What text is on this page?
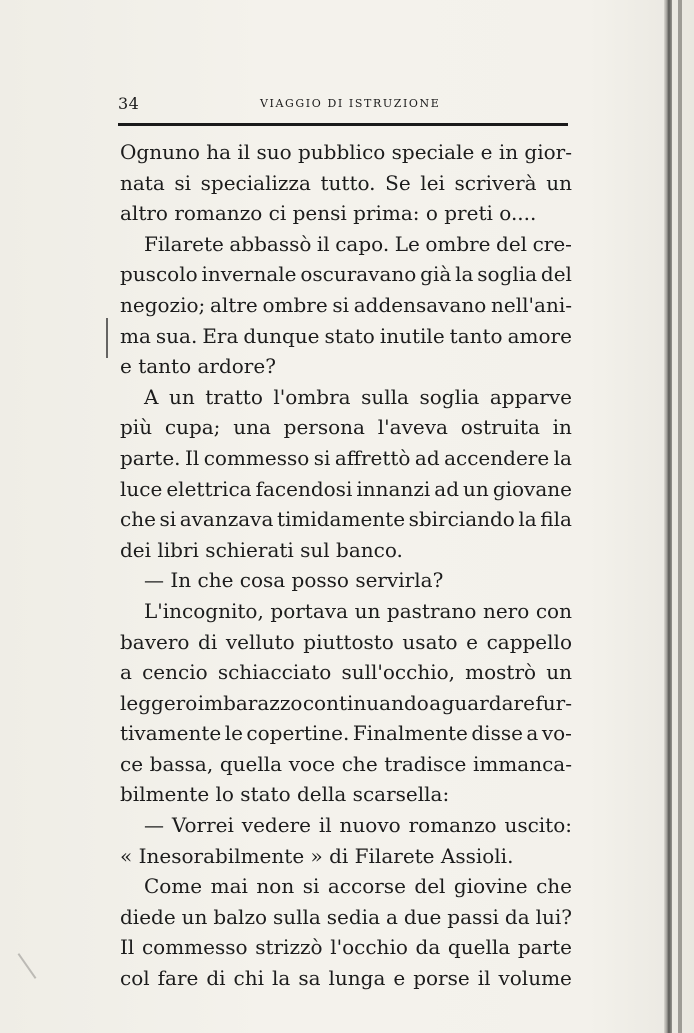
34	VIAGGIO DI ISTRUZIONE
Ognuno ha il suo pubblico speciale e in gior-
nata si specializza tutto. Se lei scriverà un
altro romanzo ci pensi prima: o preti o....
Filarete abbassò il capo. Le ombre del cre-
puscolo invernale oscuravano già la soglia del
negozio; altre ombre si addensavano nell'ani-
ma sua. Era dunque stato inutile tanto amore
e tanto ardore?
A un tratto l'ombra sulla soglia apparve
più cupa; una persona l'aveva ostruita in
parte. Il commesso si affrettò ad accendere la
luce elettrica facendosi innanzi ad un giovane
che si avanzava timidamente sbirciando la fila
dei libri schierati sul banco.
— In che cosa posso servirla?
L'incognito, portava un pastrano nero con
bavero di velluto piuttosto usato e cappello
a cencio schiacciato sull'occhio, mostrò un
leggero imbarazzo continuando a guardare fur-
tivamente le copertine. Finalmente disse a vo-
ce bassa, quella voce che tradisce immanca-
bilmente lo stato della scarsella:
— Vorrei vedere il nuovo romanzo uscito:
« Inesorabilmente » di Filarete Assioli.
Come mai non si accorse del giovine che
diede un balzo sulla sedia a due passi da lui?
Il commesso strizzò l'occhio da quella parte
col fare di chi la sa lunga e porse il volume
